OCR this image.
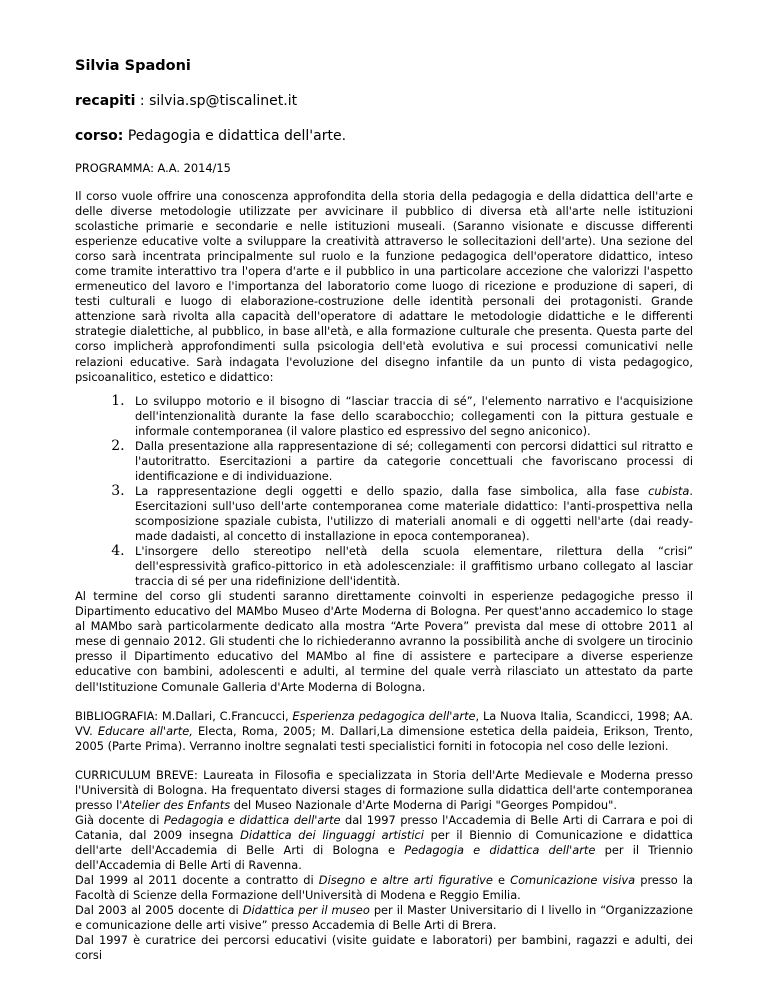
Silvia Spadoni

recapiti : silvia.sp@tiscalinet.it

corso: Pedagogia e didattica dell'arte.

PROGRAMMA: A.A. 2014/15

Il corso vuole offrire una conoscenza approfondita della storia della pedagogia e della didattica dell'arte e delle diverse metodologie utilizzate per avvicinare il pubblico di diversa età all'arte nelle istituzioni scolastiche primarie e secondarie e nelle istituzioni museali. (Saranno visionate e discusse differenti esperienze educative volte a sviluppare la creatività attraverso le sollecitazioni dell'arte). Una sezione del corso sarà incentrata principalmente sul ruolo e la funzione pedagogica dell'operatore didattico, inteso come tramite interattivo tra l'opera d'arte e il pubblico in una particolare accezione che valorizzi l'aspetto ermeneutico del lavoro e l'importanza del laboratorio come luogo di ricezione e produzione di saperi, di testi culturali e luogo di elaborazione-costruzione delle identità personali dei protagonisti. Grande attenzione sarà rivolta alla capacità dell'operatore di adattare le metodologie didattiche e le differenti strategie dialettiche, al pubblico, in base all'età, e alla formazione culturale che presenta. Questa parte del corso implicherà approfondimenti sulla psicologia dell'età evolutiva e sui processi comunicativi nelle relazioni educative. Sarà indagata l'evoluzione del disegno infantile da un punto di vista pedagogico, psicoanalitico, estetico e didattico:

1. Lo sviluppo motorio e il bisogno di “lasciar traccia di sé”, l'elemento narrativo e l'acquisizione dell'intenzionalità durante la fase dello scarabocchio; collegamenti con la pittura gestuale e informale contemporanea (il valore plastico ed espressivo del segno aniconico).
2. Dalla presentazione alla rappresentazione di sé; collegamenti con percorsi didattici sul ritratto e l'autoritratto. Esercitazioni a partire da categorie concettuali che favoriscano processi di identificazione e di individuazione.
3. La rappresentazione degli oggetti e dello spazio, dalla fase simbolica, alla fase cubista. Esercitazioni sull'uso dell'arte contemporanea come materiale didattico: l'anti-prospettiva nella scomposizione spaziale cubista, l'utilizzo di materiali anomali e di oggetti nell'arte (dai ready-made dadaisti, al concetto di installazione in epoca contemporanea).
4. L'insorgere dello stereotipo nell'età della scuola elementare, rilettura della “crisi” dell'espressività grafico-pittorico in età adolescenziale: il graffitismo urbano collegato al lasciar traccia di sé per una ridefinizione dell'identità.

Al termine del corso gli studenti saranno direttamente coinvolti in esperienze pedagogiche presso il Dipartimento educativo del MAMbo Museo d'Arte Moderna di Bologna. Per quest'anno accademico lo stage al MAMbo sarà particolarmente dedicato alla mostra “Arte Povera” prevista dal mese di ottobre 2011 al mese di gennaio 2012. Gli studenti che lo richiederanno avranno la possibilità anche di svolgere un tirocinio presso il Dipartimento educativo del MAMbo al fine di assistere e partecipare a diverse esperienze educative con bambini, adolescenti e adulti, al termine del quale verrà rilasciato un attestato da parte dell'Istituzione Comunale Galleria d'Arte Moderna di Bologna.

BIBLIOGRAFIA: M.Dallari, C.Francucci, Esperienza pedagogica dell'arte, La Nuova Italia, Scandicci, 1998; AA. VV. Educare all'arte, Electa, Roma, 2005; M. Dallari,La dimensione estetica della paideia, Erikson, Trento, 2005 (Parte Prima). Verranno inoltre segnalati testi specialistici forniti in fotocopia nel coso delle lezioni.

CURRICULUM BREVE: Laureata in Filosofia e specializzata in Storia dell'Arte Medievale e Moderna presso l'Università di Bologna. Ha frequentato diversi stages di formazione sulla didattica dell'arte contemporanea presso l'Atelier des Enfants del Museo Nazionale d'Arte Moderna di Parigi "Georges Pompidou".

Già docente di Pedagogia e didattica dell'arte dal 1997 presso l'Accademia di Belle Arti di Carrara e poi di Catania, dal 2009 insegna Didattica dei linguaggi artistici per il Biennio di Comunicazione e didattica dell'arte dell'Accademia di Belle Arti di Bologna e Pedagogia e didattica dell'arte per il Triennio dell'Accademia di Belle Arti di Ravenna.

Dal 1999 al 2011 docente a contratto di Disegno e altre arti figurative e Comunicazione visiva presso la Facoltà di Scienze della Formazione dell'Università di Modena e Reggio Emilia.

Dal 2003 al 2005 docente di Didattica per il museo per il Master Universitario di I livello in “Organizzazione e comunicazione delle arti visive” presso Accademia di Belle Arti di Brera.

Dal 1997 è curatrice dei percorsi educativi (visite guidate e laboratori) per bambini, ragazzi e adulti, dei corsi
